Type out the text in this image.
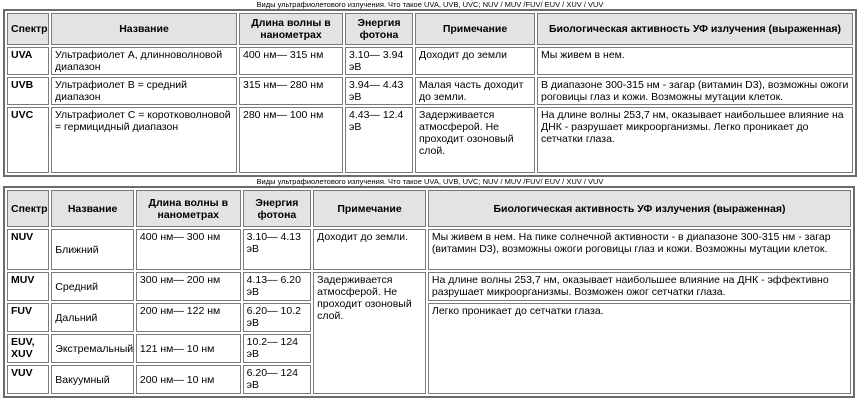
Виды ультрафиолетового излучения. Что такое UVA, UVB, UVC; NUV / MUV /FUV/ EUV / XUV / VUV
Спектр	Название	Длина волны в нанометрах	Энергия фотона	Примечание	Биологическая активность УФ излучения (выраженная)
UVA	Ультрафиолет А, длинноволновой диапазон	400 нм— 315 нм	3.10— 3.94 эВ	Доходит до земли	Мы живем в нем.
UVB	Ультрафиолет B = средний диапазон	315 нм— 280 нм	3.94— 4.43 эВ	Малая часть доходит до земли.	В диапазоне 300-315 нм - загар (витамин D3), возможны ожоги роговицы глаз и кожи. Возможны мутации клеток.
UVC	Ультрафиолет С = коротковолновой = гермицидный диапазон	280 нм— 100 нм	4.43— 12.4 эВ	Задерживается атмосферой. Не проходит озоновый слой.	На длине волны 253,7 нм, оказывает наибольшее влияние на ДНК - разрушает микроорганизмы. Легко проникает до сетчатки глаза.
Виды ультрафиолетового излучения. Что такое UVA, UVB, UVC; NUV / MUV /FUV/ EUV / XUV / VUV
Спектр	Название	Длина волны в нанометрах	Энергия фотона	Примечание	Биологическая активность УФ излучения (выраженная)
NUV	Ближний	400 нм— 300 нм	3.10— 4.13 эВ	Доходит до земли.	Мы живем в нем. На пике солнечной активности - в диапазоне 300-315 нм - загар (витамин D3), возможны ожоги роговицы глаз и кожи. Возможны мутации клеток.
MUV	Средний	300 нм— 200 нм	4.13— 6.20 эВ	Задерживается атмосферой. Не проходит озоновый слой.	На длине волны 253,7 нм, оказывает наибольшее влияние на ДНК - эффективно разрушает микроорганизмы. Возможен ожог сетчатки глаза.
FUV	Дальний	200 нм— 122 нм	6.20— 10.2 эВ		Легко проникает до сетчатки глаза.
EUV, XUV	Экстремальный	121 нм— 10 нм	10.2— 124 эВ		
VUV	Вакуумный	200 нм— 10 нм	6.20— 124 эВ		
